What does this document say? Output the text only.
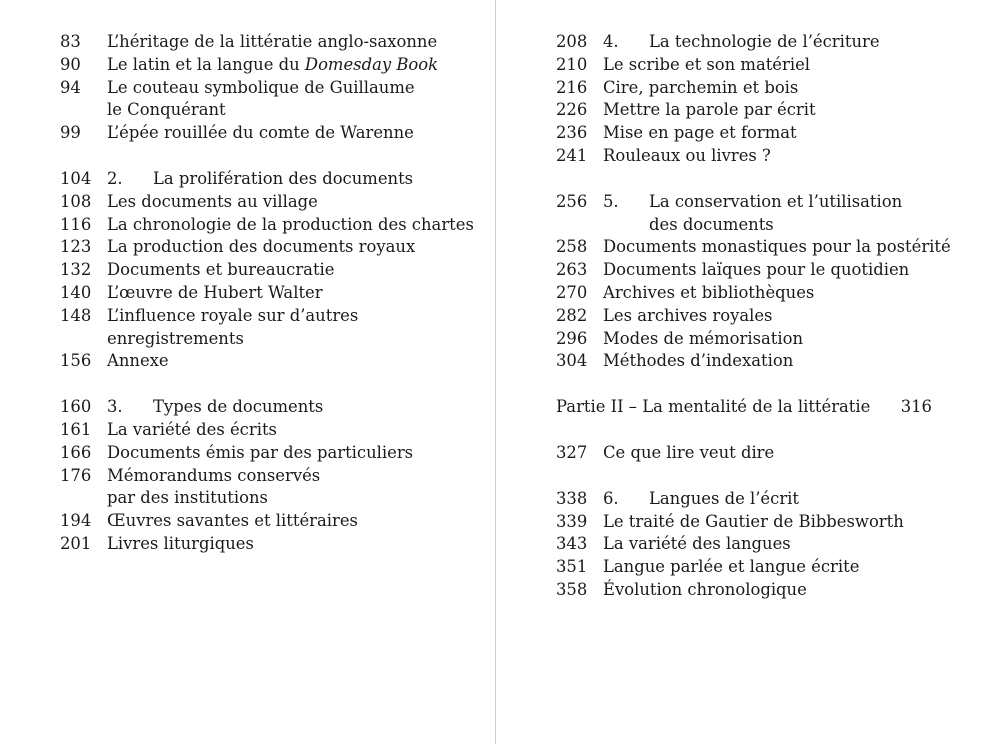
83 L’héritage de la littératie anglo-saxonne
90 Le latin et la langue du Domesday Book
94 Le couteau symbolique de Guillaume
le Conquérant
99 L’épée rouillée du comte de Warenne
104 2. La prolifération des documents
108 Les documents au village
116 La chronologie de la production des chartes
123 La production des documents royaux
132 Documents et bureaucratie
140 L’œuvre de Hubert Walter
148 L’influence royale sur d’autres
enregistrements
156 Annexe
160 3. Types de documents
161 La variété des écrits
166 Documents émis par des particuliers
176 Mémorandums conservés
par des institutions
194 Œuvres savantes et littéraires
201 Livres liturgiques
208 4. La technologie de l’écriture
210 Le scribe et son matériel
216 Cire, parchemin et bois
226 Mettre la parole par écrit
236 Mise en page et format
241 Rouleaux ou livres ?
256 5. La conservation et l’utilisation
des documents
258 Documents monastiques pour la postérité
263 Documents laïques pour le quotidien
270 Archives et bibliothèques
282 Les archives royales
296 Modes de mémorisation
304 Méthodes d’indexation
Partie II – La mentalité de la littératie 316
327 Ce que lire veut dire
338 6. Langues de l’écrit
339 Le traité de Gautier de Bibbesworth
343 La variété des langues
351 Langue parlée et langue écrite
358 Évolution chronologique
